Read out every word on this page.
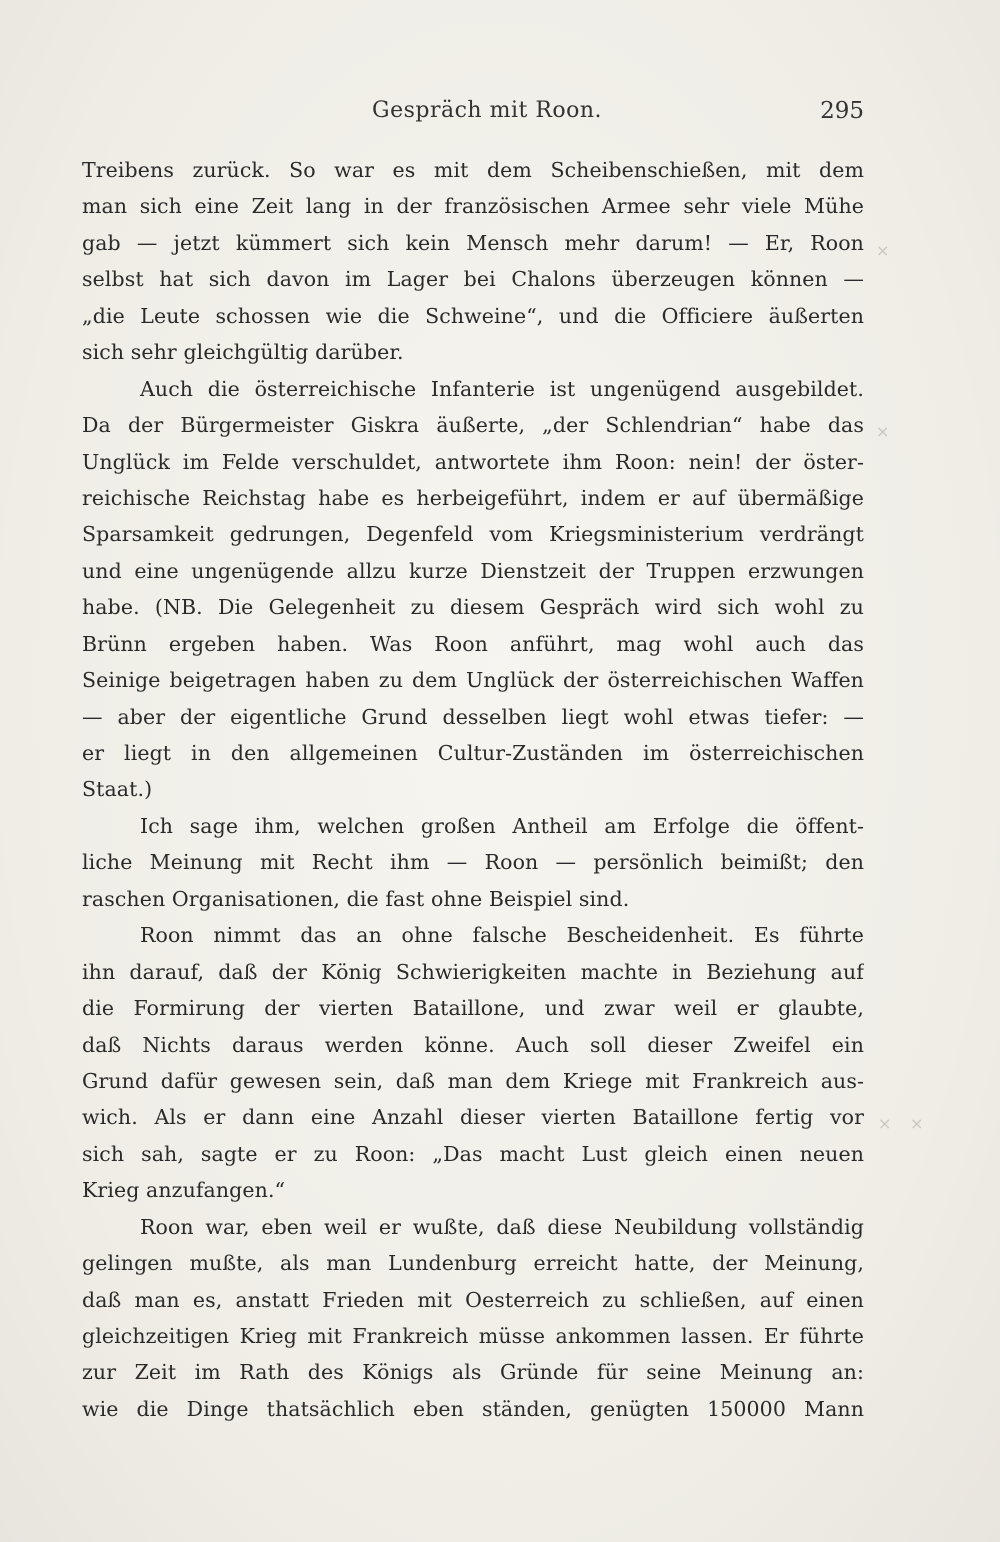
Gespräch mit Roon.	295
×
×
× ×
Treibens zurück. So war es mit dem Scheibenschießen, mit dem
man sich eine Zeit lang in der französischen Armee sehr viele Mühe
gab — jetzt kümmert sich kein Mensch mehr darum! — Er, Roon
selbst hat sich davon im Lager bei Chalons überzeugen können —
„die Leute schossen wie die Schweine“, und die Officiere äußerten
sich sehr gleichgültig darüber.
Auch die österreichische Infanterie ist ungenügend ausgebildet.
Da der Bürgermeister Giskra äußerte, „der Schlendrian“ habe das
Unglück im Felde verschuldet, antwortete ihm Roon: nein! der öster-
reichische Reichstag habe es herbeigeführt, indem er auf übermäßige
Sparsamkeit gedrungen, Degenfeld vom Kriegsministerium verdrängt
und eine ungenügende allzu kurze Dienstzeit der Truppen erzwungen
habe. (NB. Die Gelegenheit zu diesem Gespräch wird sich wohl zu
Brünn ergeben haben. Was Roon anführt, mag wohl auch das
Seinige beigetragen haben zu dem Unglück der österreichischen Waffen
— aber der eigentliche Grund desselben liegt wohl etwas tiefer: —
er liegt in den allgemeinen Cultur-Zuständen im österreichischen
Staat.)
Ich sage ihm, welchen großen Antheil am Erfolge die öffent-
liche Meinung mit Recht ihm — Roon — persönlich beimißt; den
raschen Organisationen, die fast ohne Beispiel sind.
Roon nimmt das an ohne falsche Bescheidenheit. Es führte
ihn darauf, daß der König Schwierigkeiten machte in Beziehung auf
die Formirung der vierten Bataillone, und zwar weil er glaubte,
daß Nichts daraus werden könne. Auch soll dieser Zweifel ein
Grund dafür gewesen sein, daß man dem Kriege mit Frankreich aus-
wich. Als er dann eine Anzahl dieser vierten Bataillone fertig vor
sich sah, sagte er zu Roon: „Das macht Lust gleich einen neuen
Krieg anzufangen.“
Roon war, eben weil er wußte, daß diese Neubildung vollständig
gelingen mußte, als man Lundenburg erreicht hatte, der Meinung,
daß man es, anstatt Frieden mit Oesterreich zu schließen, auf einen
gleichzeitigen Krieg mit Frankreich müsse ankommen lassen. Er führte
zur Zeit im Rath des Königs als Gründe für seine Meinung an:
wie die Dinge thatsächlich eben ständen, genügten 150000 Mann
